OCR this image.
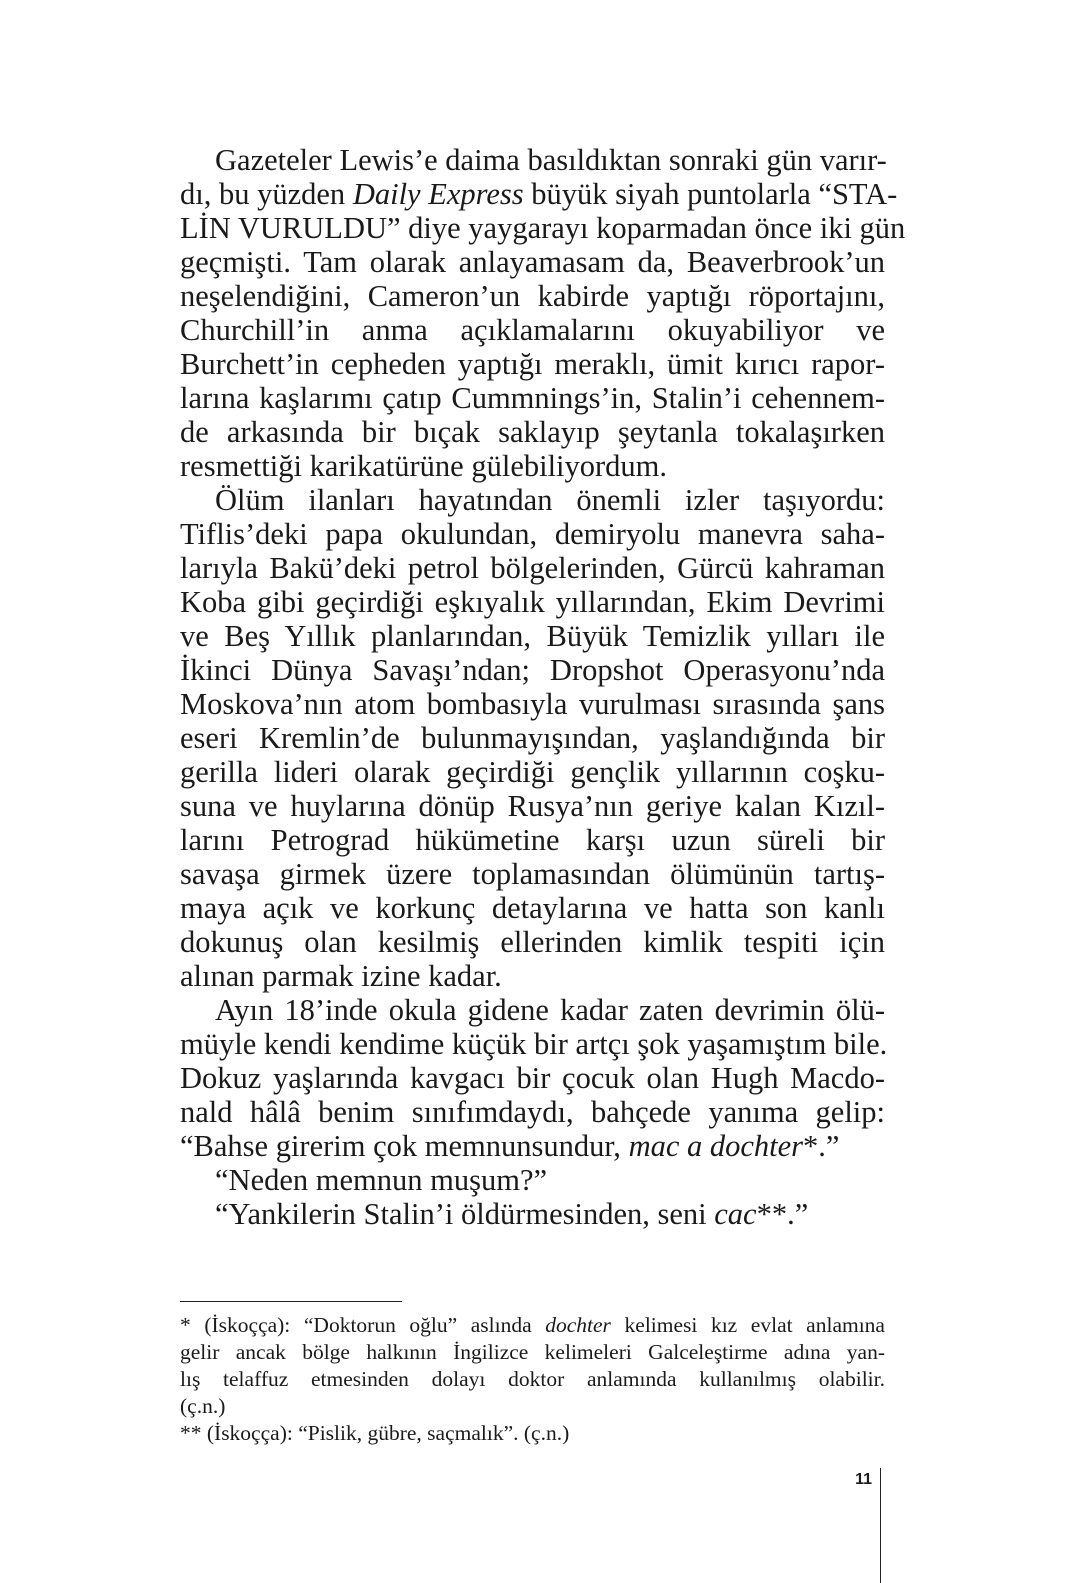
Gazeteler Lewis’e daima basıldıktan sonraki gün varır-
dı, bu yüzden Daily Express büyük siyah puntolarla “STA-
LİN VURULDU” diye yaygarayı koparmadan önce iki gün
geçmişti. Tam olarak anlayamasam da, Beaverbrook’un
neşelendiğini, Cameron’un kabirde yaptığı röportajını,
Churchill’in anma açıklamalarını okuyabiliyor ve
Burchett’in cepheden yaptığı meraklı, ümit kırıcı rapor-
larına kaşlarımı çatıp Cummnings’in, Stalin’i cehennem-
de arkasında bir bıçak saklayıp şeytanla tokalaşırken
resmettiği karikatürüne gülebiliyordum.
Ölüm ilanları hayatından önemli izler taşıyordu:
Tiflis’deki papa okulundan, demiryolu manevra saha-
larıyla Bakü’deki petrol bölgelerinden, Gürcü kahraman
Koba gibi geçirdiği eşkıyalık yıllarından, Ekim Devrimi
ve Beş Yıllık planlarından, Büyük Temizlik yılları ile
İkinci Dünya Savaşı’ndan; Dropshot Operasyonu’nda
Moskova’nın atom bombasıyla vurulması sırasında şans
eseri Kremlin’de bulunmayışından, yaşlandığında bir
gerilla lideri olarak geçirdiği gençlik yıllarının coşku-
suna ve huylarına dönüp Rusya’nın geriye kalan Kızıl-
larını Petrograd hükümetine karşı uzun süreli bir
savaşa girmek üzere toplamasından ölümünün tartış-
maya açık ve korkunç detaylarına ve hatta son kanlı
dokunuş olan kesilmiş ellerinden kimlik tespiti için
alınan parmak izine kadar.
Ayın 18’inde okula gidene kadar zaten devrimin ölü-
müyle kendi kendime küçük bir artçı şok yaşamıştım bile.
Dokuz yaşlarında kavgacı bir çocuk olan Hugh Macdo-
nald hâlâ benim sınıfımdaydı, bahçede yanıma gelip:
“Bahse girerim çok memnunsundur, mac a dochter*.”
“Neden memnun muşum?”
“Yankilerin Stalin’i öldürmesinden, seni cac**.”
* (İskoçça): “Doktorun oğlu” aslında dochter kelimesi kız evlat anlamına
gelir ancak bölge halkının İngilizce kelimeleri Galceleştirme adına yan-
lış telaffuz etmesinden dolayı doktor anlamında kullanılmış olabilir.
(ç.n.)
** (İskoçça): “Pislik, gübre, saçmalık”. (ç.n.)
11
